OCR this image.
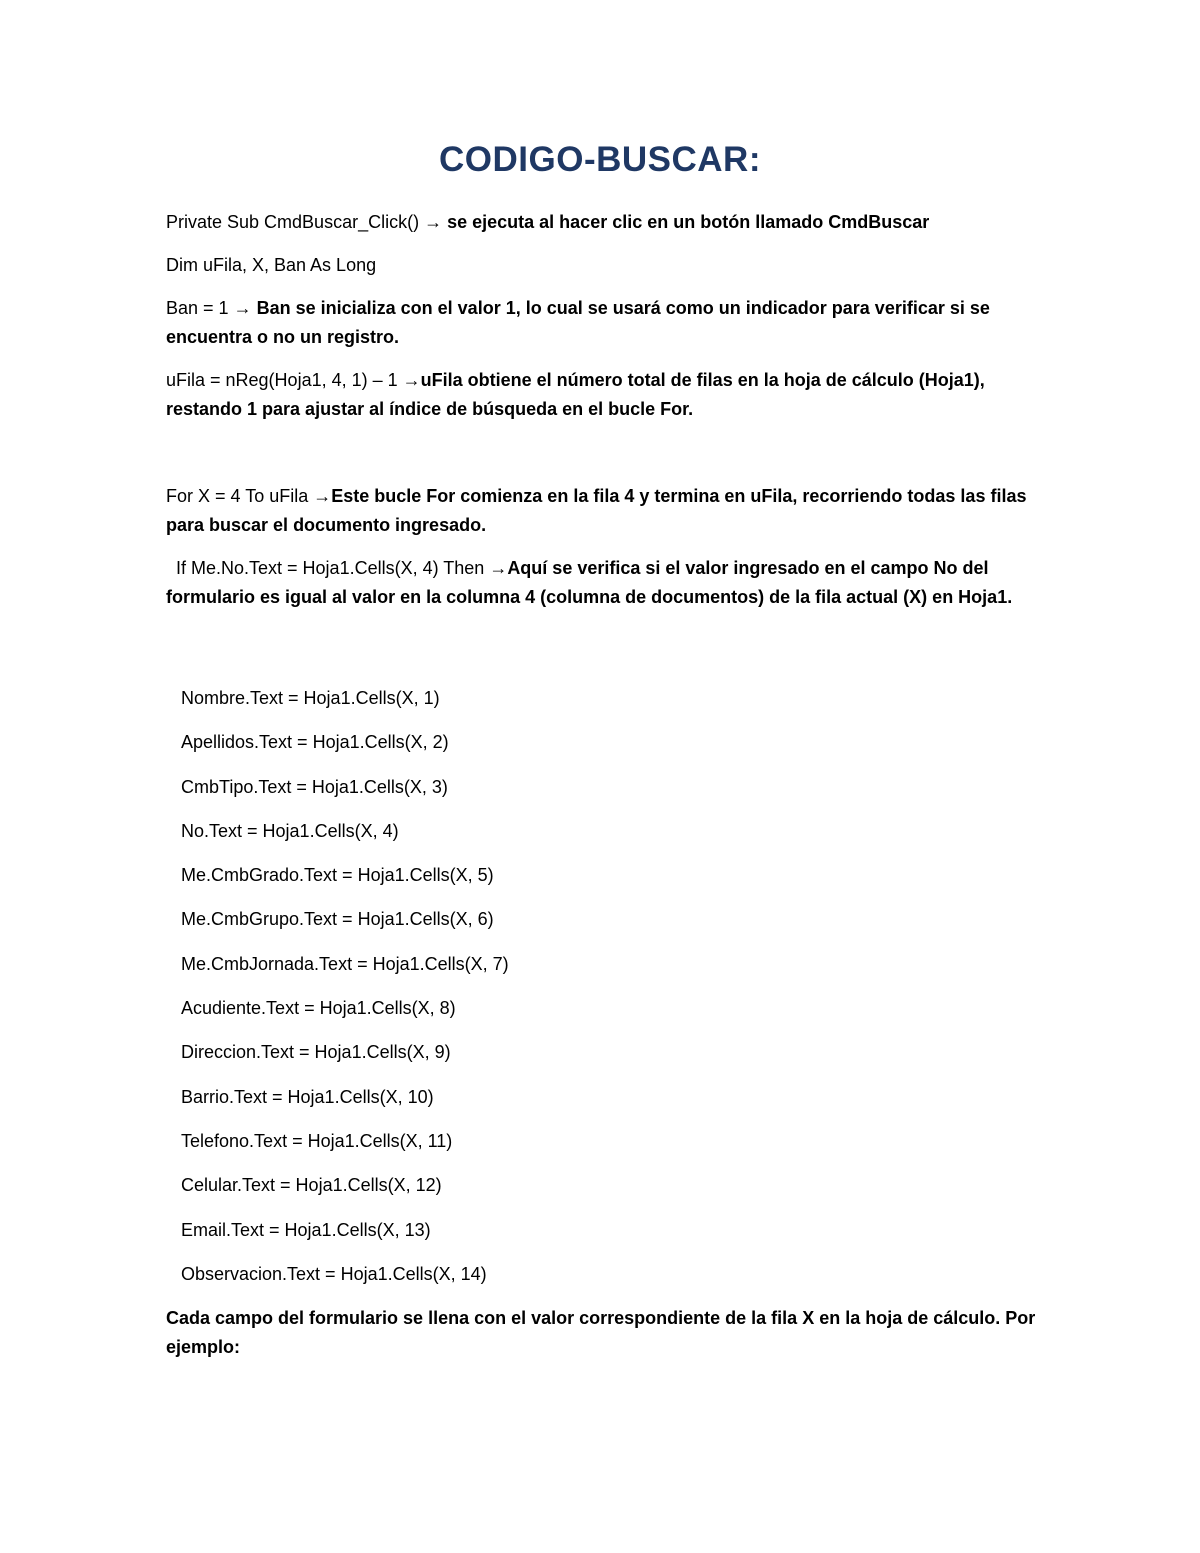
CODIGO-BUSCAR:

Private Sub CmdBuscar_Click() → se ejecuta al hacer clic en un botón llamado CmdBuscar

Dim uFila, X, Ban As Long

Ban = 1 → Ban se inicializa con el valor 1, lo cual se usará como un indicador para verificar si se encuentra o no un registro.

uFila = nReg(Hoja1, 4, 1) – 1 →uFila obtiene el número total de filas en la hoja de cálculo (Hoja1), restando 1 para ajustar al índice de búsqueda en el bucle For.

For X = 4 To uFila →Este bucle For comienza en la fila 4 y termina en uFila, recorriendo todas las filas para buscar el documento ingresado.

If Me.No.Text = Hoja1.Cells(X, 4) Then →Aquí se verifica si el valor ingresado en el campo No del formulario es igual al valor en la columna 4 (columna de documentos) de la fila actual (X) en Hoja1.

Nombre.Text = Hoja1.Cells(X, 1)
Apellidos.Text = Hoja1.Cells(X, 2)
CmbTipo.Text = Hoja1.Cells(X, 3)
No.Text = Hoja1.Cells(X, 4)
Me.CmbGrado.Text = Hoja1.Cells(X, 5)
Me.CmbGrupo.Text = Hoja1.Cells(X, 6)
Me.CmbJornada.Text = Hoja1.Cells(X, 7)
Acudiente.Text = Hoja1.Cells(X, 8)
Direccion.Text = Hoja1.Cells(X, 9)
Barrio.Text = Hoja1.Cells(X, 10)
Telefono.Text = Hoja1.Cells(X, 11)
Celular.Text = Hoja1.Cells(X, 12)
Email.Text = Hoja1.Cells(X, 13)
Observacion.Text = Hoja1.Cells(X, 14)

Cada campo del formulario se llena con el valor correspondiente de la fila X en la hoja de cálculo. Por ejemplo:
